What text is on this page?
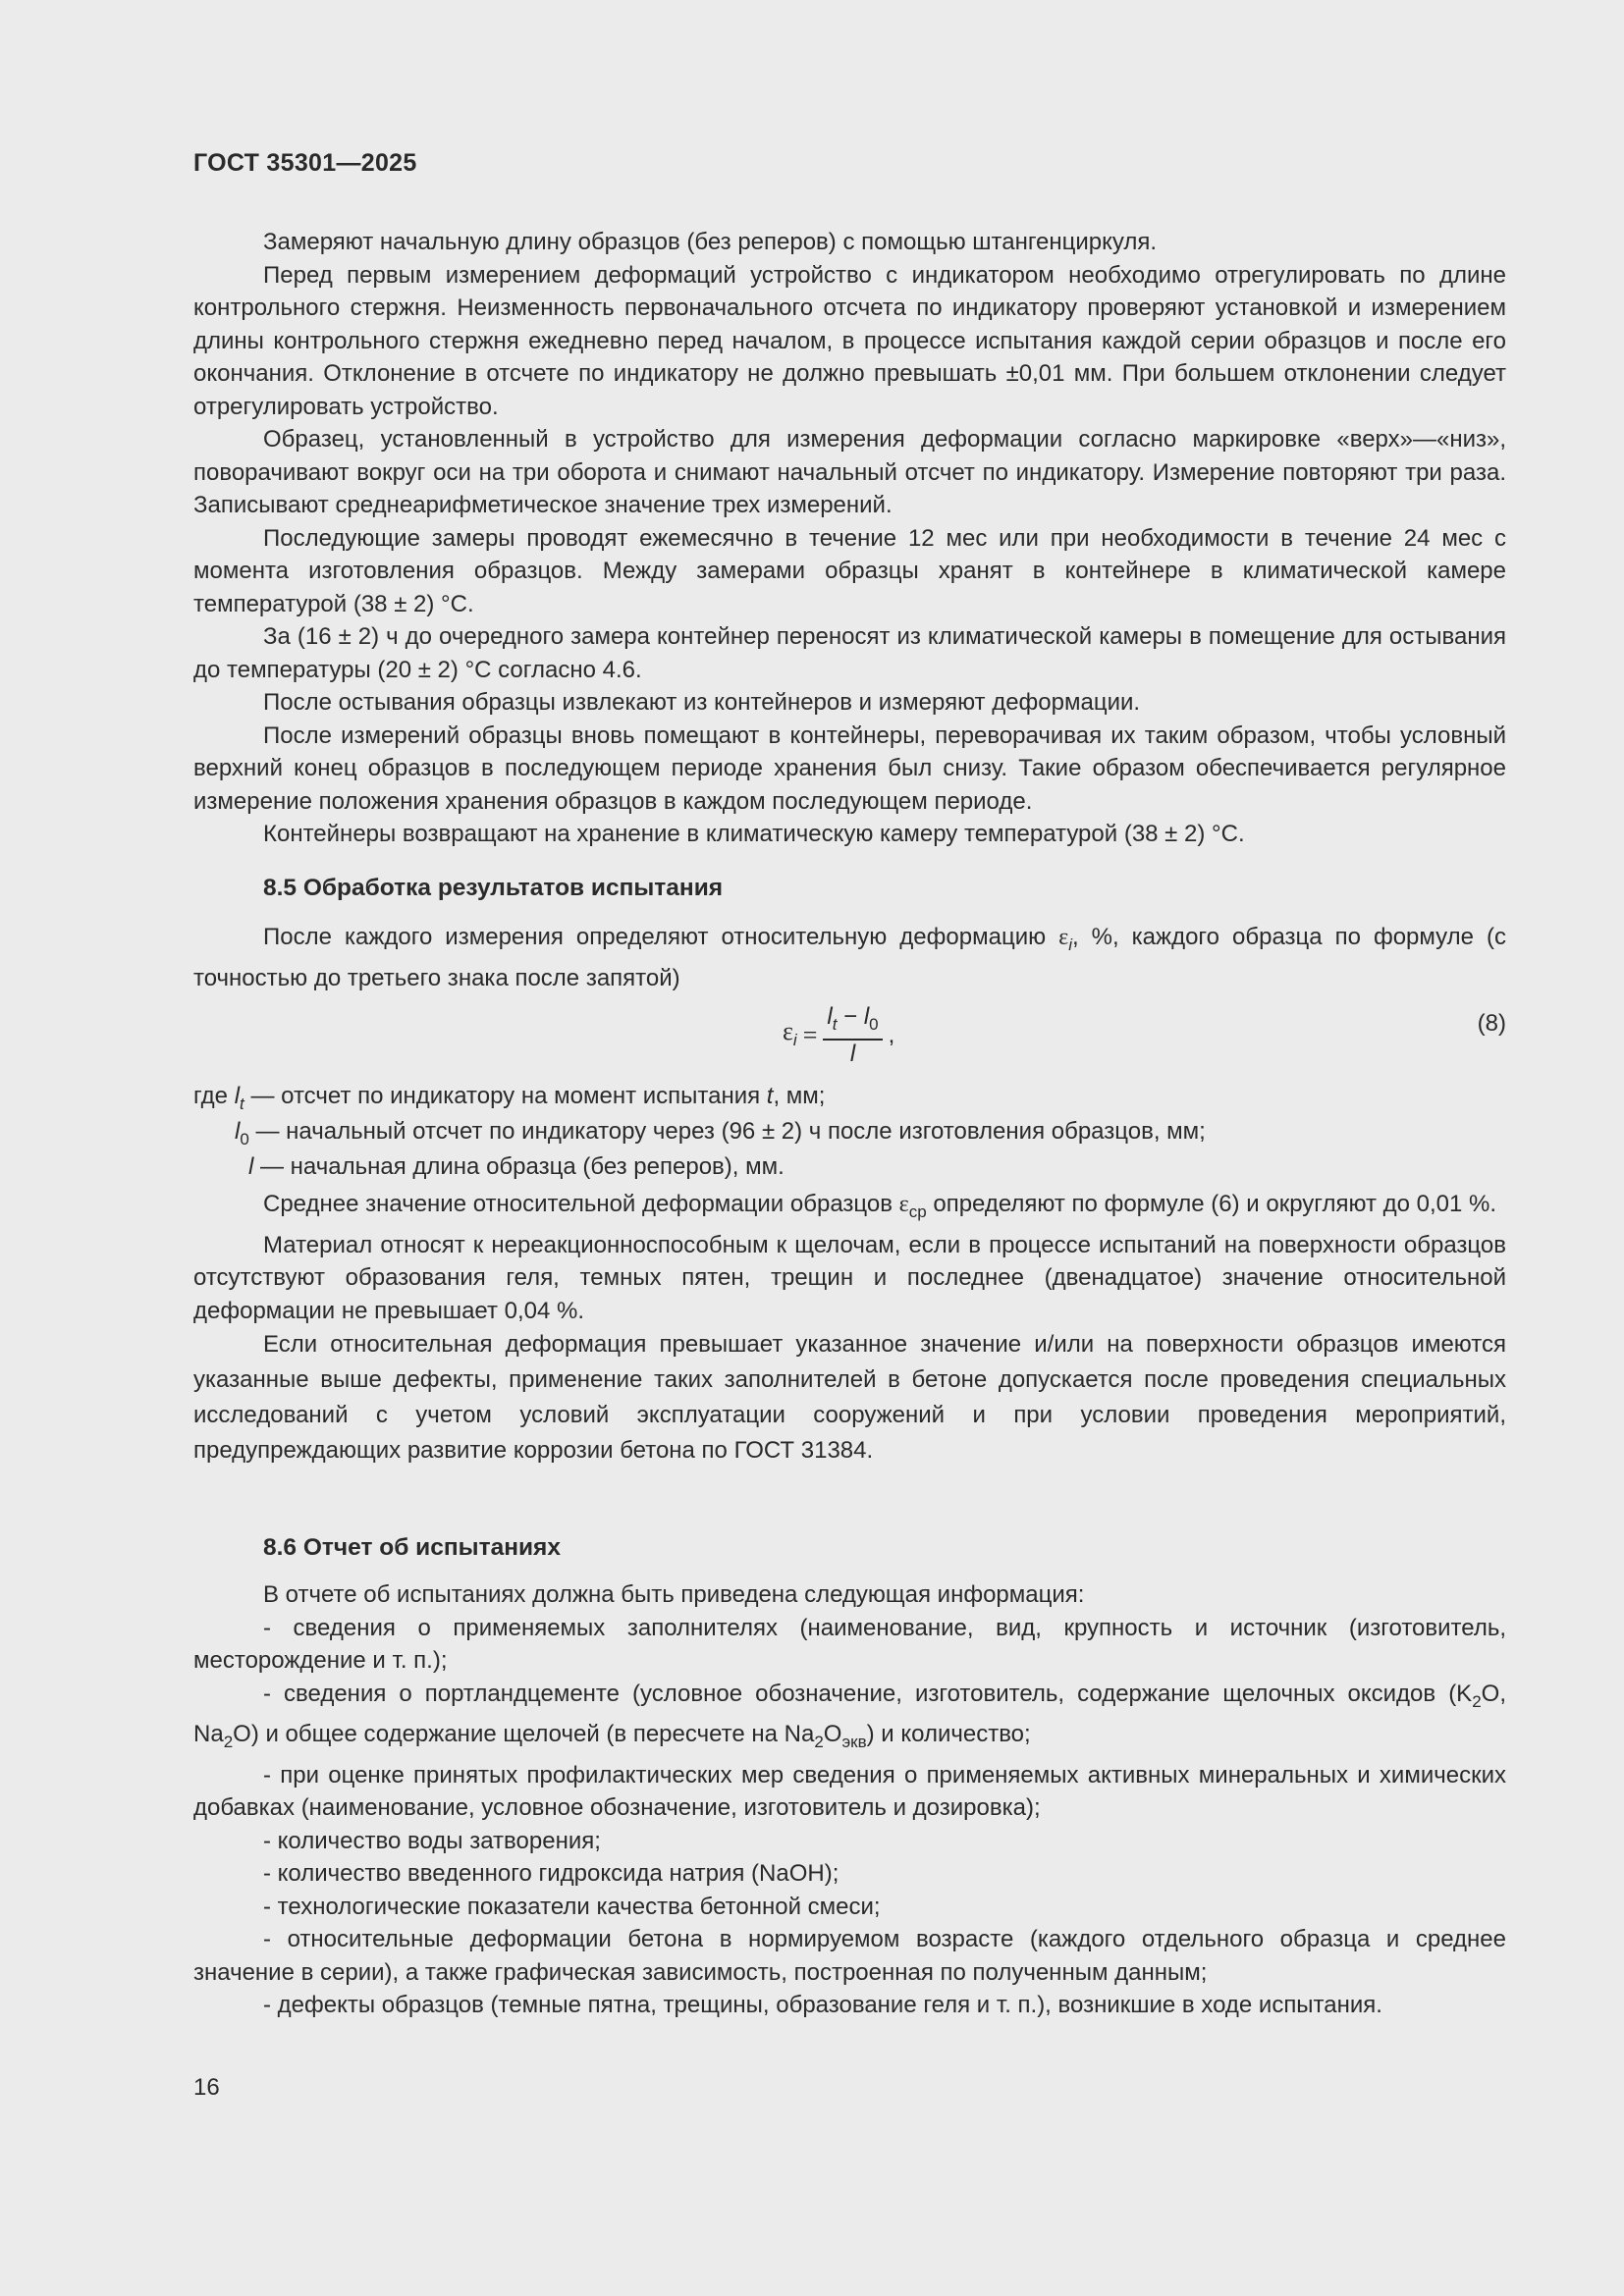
ГОСТ 35301—2025

Замеряют начальную длину образцов (без реперов) с помощью штангенциркуля.

Перед первым измерением деформаций устройство с индикатором необходимо отрегулировать по длине контрольного стержня. Неизменность первоначального отсчета по индикатору проверяют установкой и измерением длины контрольного стержня ежедневно перед началом, в процессе испытания каждой серии образцов и после его окончания. Отклонение в отсчете по индикатору не должно превышать ±0,01 мм. При большем отклонении следует отрегулировать устройство.

Образец, установленный в устройство для измерения деформации согласно маркировке «верх»—«низ», поворачивают вокруг оси на три оборота и снимают начальный отсчет по индикатору. Измерение повторяют три раза. Записывают среднеарифметическое значение трех измерений.

Последующие замеры проводят ежемесячно в течение 12 мес или при необходимости в течение 24 мес с момента изготовления образцов. Между замерами образцы хранят в контейнере в климатической камере температурой (38 ± 2) °С.

За (16 ± 2) ч до очередного замера контейнер переносят из климатической камеры в помещение для остывания до температуры (20 ± 2) °С согласно 4.6.

После остывания образцы извлекают из контейнеров и измеряют деформации.

После измерений образцы вновь помещают в контейнеры, переворачивая их таким образом, чтобы условный верхний конец образцов в последующем периоде хранения был снизу. Такие образом обеспечивается регулярное измерение положения хранения образцов в каждом последующем периоде.

Контейнеры возвращают на хранение в климатическую камеру температурой (38 ± 2) °С.

8.5 Обработка результатов испытания

После каждого измерения определяют относительную деформацию $\varepsilon_i$, %, каждого образца по формуле (с точностью до третьего знака после запятой)

$\varepsilon_i = \frac{l_t - l_0}{l}$ ,	(8)
где $l_t$ — отсчет по индикатору на момент испытания t, мм;
$l_0$ — начальный отсчет по индикатору через (96 ± 2) ч после изготовления образцов, мм;
l — начальная длина образца (без реперов), мм.

Среднее значение относительной деформации образцов $\varepsilon_{ср}$ определяют по формуле (6) и округляют до 0,01 %.

Материал относят к нереакционноспособным к щелочам, если в процессе испытаний на поверхности образцов отсутствуют образования геля, темных пятен, трещин и последнее (двенадцатое) значение относительной деформации не превышает 0,04 %.

Если относительная деформация превышает указанное значение и/или на поверхности образцов имеются указанные выше дефекты, применение таких заполнителей в бетоне допускается после проведения специальных исследований с учетом условий эксплуатации сооружений и при условии проведения мероприятий, предупреждающих развитие коррозии бетона по ГОСТ 31384.

8.6 Отчет об испытаниях

В отчете об испытаниях должна быть приведена следующая информация:

- сведения о применяемых заполнителях (наименование, вид, крупность и источник (изготовитель, месторождение и т. п.);

- сведения о портландцементе (условное обозначение, изготовитель, содержание щелочных оксидов ($K_2O$, $Na_2O$) и общее содержание щелочей (в пересчете на $Na_2O_{экв}$) и количество;

- при оценке принятых профилактических мер сведения о применяемых активных минеральных и химических добавках (наименование, условное обозначение, изготовитель и дозировка);

- количество воды затворения;

- количество введенного гидроксида натрия (NaOH);

- технологические показатели качества бетонной смеси;

- относительные деформации бетона в нормируемом возрасте (каждого отдельного образца и среднее значение в серии), а также графическая зависимость, построенная по полученным данным;

- дефекты образцов (темные пятна, трещины, образование геля и т. п.), возникшие в ходе испытания.

16
